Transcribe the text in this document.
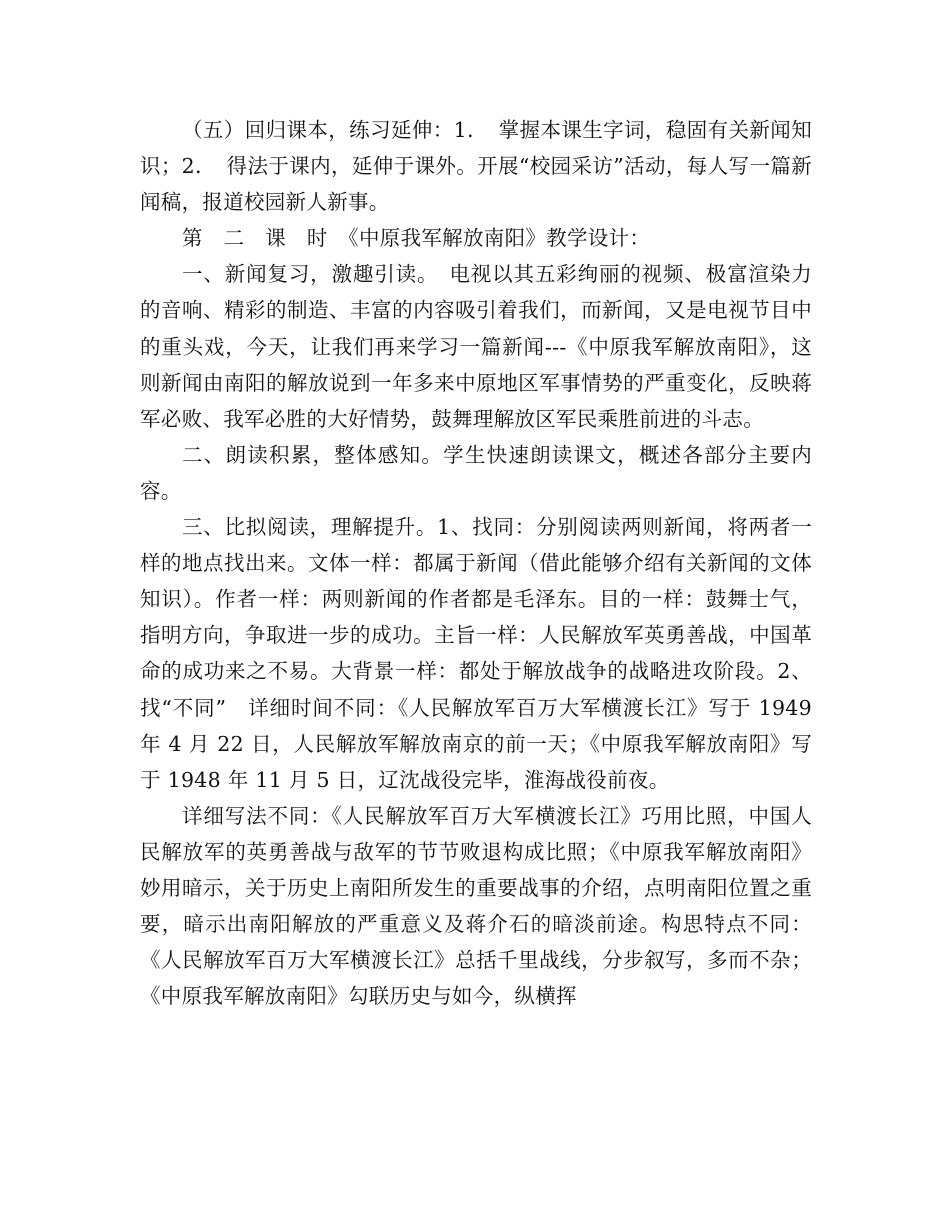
（五）回归课本，练习延伸：1．　掌握本课生字词，稳固有关新闻知识；2．　得法于课内，延伸于课外。开展“校园采访”活动，每人写一篇新闻稿，报道校园新人新事。

第　二　课　时　《中原我军解放南阳》教学设计：

一、新闻复习，激趣引读。　电视以其五彩绚丽的视频、极富渲染力的音响、精彩的制造、丰富的内容吸引着我们，而新闻，又是电视节目中的重头戏，今天，让我们再来学习一篇新闻---《中原我军解放南阳》，这则新闻由南阳的解放说到一年多来中原地区军事情势的严重变化，反映蒋军必败、我军必胜的大好情势，鼓舞理解放区军民乘胜前进的斗志。

二、朗读积累，整体感知。学生快速朗读课文，概述各部分主要内容。

三、比拟阅读，理解提升。1、找同：分别阅读两则新闻，将两者一样的地点找出来。文体一样：都属于新闻（借此能够介绍有关新闻的文体知识）。作者一样：两则新闻的作者都是毛泽东。目的一样：鼓舞士气，指明方向，争取进一步的成功。主旨一样：人民解放军英勇善战，中国革命的成功来之不易。大背景一样：都处于解放战争的战略进攻阶段。2、找“不同”　详细时间不同：《人民解放军百万大军横渡长江》写于 1949 年 4 月 22 日，人民解放军解放南京的前一天；《中原我军解放南阳》写于 1948 年 11 月 5 日，辽沈战役完毕，淮海战役前夜。

详细写法不同：《人民解放军百万大军横渡长江》巧用比照，中国人民解放军的英勇善战与敌军的节节败退构成比照；《中原我军解放南阳》妙用暗示，关于历史上南阳所发生的重要战事的介绍，点明南阳位置之重要，暗示出南阳解放的严重意义及蒋介石的暗淡前途。构思特点不同：《人民解放军百万大军横渡长江》总括千里战线，分步叙写，多而不杂；《中原我军解放南阳》勾联历史与如今，纵横挥
